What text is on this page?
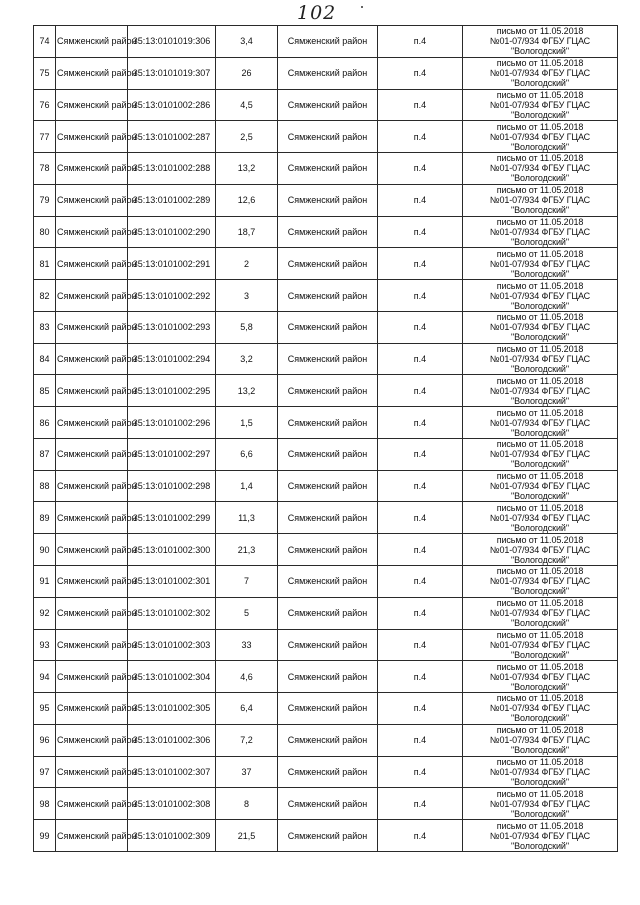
102
74	Сямженский район	35:13:0101019:306	3,4	Сямженский район	п.4	письмо от 11.05.2018
№01-07/934 ФГБУ ГЦАС
"Вологодский"

75	Сямженский район	35:13:0101019:307	26	Сямженский район	п.4	письмо от 11.05.2018
№01-07/934 ФГБУ ГЦАС
"Вологодский"

76	Сямженский район	35:13:0101002:286	4,5	Сямженский район	п.4	письмо от 11.05.2018
№01-07/934 ФГБУ ГЦАС
"Вологодский"

77	Сямженский район	35:13:0101002:287	2,5	Сямженский район	п.4	письмо от 11.05.2018
№01-07/934 ФГБУ ГЦАС
"Вологодский"

78	Сямженский район	35:13:0101002:288	13,2	Сямженский район	п.4	письмо от 11.05.2018
№01-07/934 ФГБУ ГЦАС
"Вологодский"

79	Сямженский район	35:13:0101002:289	12,6	Сямженский район	п.4	письмо от 11.05.2018
№01-07/934 ФГБУ ГЦАС
"Вологодский"

80	Сямженский район	35:13:0101002:290	18,7	Сямженский район	п.4	письмо от 11.05.2018
№01-07/934 ФГБУ ГЦАС
"Вологодский"

81	Сямженский район	35:13:0101002:291	2	Сямженский район	п.4	письмо от 11.05.2018
№01-07/934 ФГБУ ГЦАС
"Вологодский"

82	Сямженский район	35:13:0101002:292	3	Сямженский район	п.4	письмо от 11.05.2018
№01-07/934 ФГБУ ГЦАС
"Вологодский"

83	Сямженский район	35:13:0101002:293	5,8	Сямженский район	п.4	письмо от 11.05.2018
№01-07/934 ФГБУ ГЦАС
"Вологодский"

84	Сямженский район	35:13:0101002:294	3,2	Сямженский район	п.4	письмо от 11.05.2018
№01-07/934 ФГБУ ГЦАС
"Вологодский"

85	Сямженский район	35:13:0101002:295	13,2	Сямженский район	п.4	письмо от 11.05.2018
№01-07/934 ФГБУ ГЦАС
"Вологодский"

86	Сямженский район	35:13:0101002:296	1,5	Сямженский район	п.4	письмо от 11.05.2018
№01-07/934 ФГБУ ГЦАС
"Вологодский"

87	Сямженский район	35:13:0101002:297	6,6	Сямженский район	п.4	письмо от 11.05.2018
№01-07/934 ФГБУ ГЦАС
"Вологодский"

88	Сямженский район	35:13:0101002:298	1,4	Сямженский район	п.4	письмо от 11.05.2018
№01-07/934 ФГБУ ГЦАС
"Вологодский"

89	Сямженский район	35:13:0101002:299	11,3	Сямженский район	п.4	письмо от 11.05.2018
№01-07/934 ФГБУ ГЦАС
"Вологодский"

90	Сямженский район	35:13:0101002:300	21,3	Сямженский район	п.4	письмо от 11.05.2018
№01-07/934 ФГБУ ГЦАС
"Вологодский"

91	Сямженский район	35:13:0101002:301	7	Сямженский район	п.4	письмо от 11.05.2018
№01-07/934 ФГБУ ГЦАС
"Вологодский"

92	Сямженский район	35:13:0101002:302	5	Сямженский район	п.4	письмо от 11.05.2018
№01-07/934 ФГБУ ГЦАС
"Вологодский"

93	Сямженский район	35:13:0101002:303	33	Сямженский район	п.4	письмо от 11.05.2018
№01-07/934 ФГБУ ГЦАС
"Вологодский"

94	Сямженский район	35:13:0101002:304	4,6	Сямженский район	п.4	письмо от 11.05.2018
№01-07/934 ФГБУ ГЦАС
"Вологодский"

95	Сямженский район	35:13:0101002:305	6,4	Сямженский район	п.4	письмо от 11.05.2018
№01-07/934 ФГБУ ГЦАС
"Вологодский"

96	Сямженский район	35:13:0101002:306	7,2	Сямженский район	п.4	письмо от 11.05.2018
№01-07/934 ФГБУ ГЦАС
"Вологодский"

97	Сямженский район	35:13:0101002:307	37	Сямженский район	п.4	письмо от 11.05.2018
№01-07/934 ФГБУ ГЦАС
"Вологодский"

98	Сямженский район	35:13:0101002:308	8	Сямженский район	п.4	письмо от 11.05.2018
№01-07/934 ФГБУ ГЦАС
"Вологодский"

99	Сямженский район	35:13:0101002:309	21,5	Сямженский район	п.4	письмо от 11.05.2018
№01-07/934 ФГБУ ГЦАС
"Вологодский"
